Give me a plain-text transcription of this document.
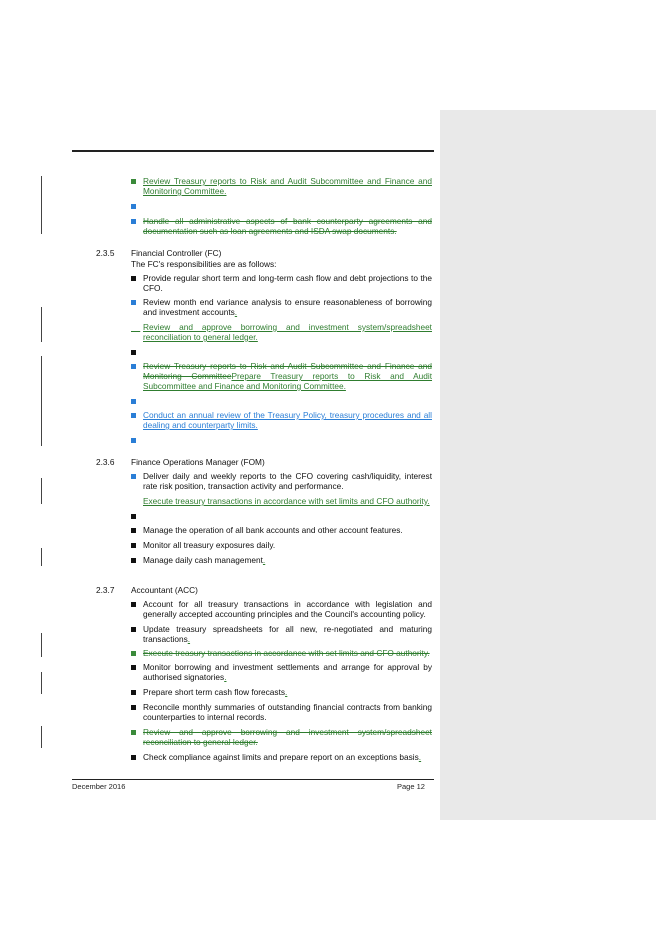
Review Treasury reports to Risk and Audit Subcommittee and Finance and Monitoring Committee.
Handle all administrative aspects of bank counterparty agreements and documentation such as loan agreements and ISDA swap documents.
2.3.5 Financial Controller (FC)
The FC's responsibilities are as follows:
Provide regular short term and long-term cash flow and debt projections to the CFO.
Review month end variance analysis to ensure reasonableness of borrowing and investment accounts.

Review and approve borrowing and investment system/spreadsheet reconciliation to general ledger.
Review Treasury reports to Risk and Audit Subcommittee and Finance and Monitoring CommitteePrepare Treasury reports to Risk and Audit Subcommittee and Finance and Monitoring Committee.
Conduct an annual review of the Treasury Policy, treasury procedures and all dealing and counterparty limits.
2.3.6 Finance Operations Manager (FOM)
Deliver daily and weekly reports to the CFO covering cash/liquidity, interest rate risk position, transaction activity and performance.
Execute treasury transactions in accordance with set limits and CFO authority.
Manage the operation of all bank accounts and other account features.
Monitor all treasury exposures daily.
Manage daily cash management.
2.3.7 Accountant (ACC)
Account for all treasury transactions in accordance with legislation and generally accepted accounting principles and the Council's accounting policy.
Update treasury spreadsheets for all new, re-negotiated and maturing transactions.
Execute treasury transactions in accordance with set limits and CFO authority.
Monitor borrowing and investment settlements and arrange for approval by authorised signatories.
Prepare short term cash flow forecasts.
Reconcile monthly summaries of outstanding financial contracts from banking counterparties to internal records.
Review and approve borrowing and investment system/spreadsheet reconciliation to general ledger.
Check compliance against limits and prepare report on an exceptions basis.
December 2016	Page 12
